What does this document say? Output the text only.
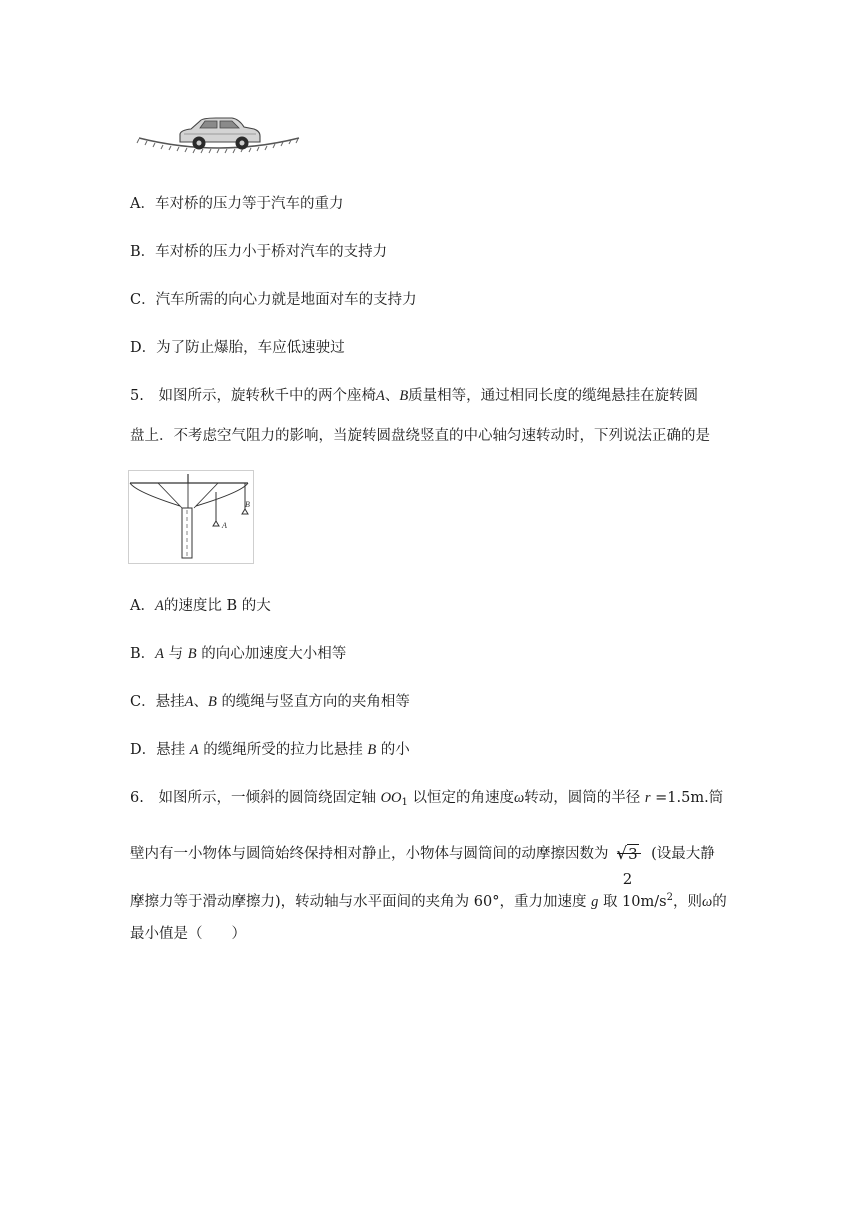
A．车对桥的压力等于汽车的重力
B．车对桥的压力小于桥对汽车的支持力
C．汽车所需的向心力就是地面对车的支持力
D．为了防止爆胎，车应低速驶过
5. 如图所示，旋转秋千中的两个座椅A、B质量相等，通过相同长度的缆绳悬挂在旋转圆
盘上．不考虑空气阻力的影响，当旋转圆盘绕竖直的中心轴匀速转动时，下列说法正确的是
A
B
A．A的速度比 B 的大
B．A 与 B 的向心加速度大小相等
C．悬挂A、B 的缆绳与竖直方向的夹角相等
D．悬挂 A 的缆绳所受的拉力比悬挂 B 的小
6. 如图所示，一倾斜的圆筒绕固定轴 $OO_1$ 以恒定的角速度ω转动，圆筒的半径 r =1.5m.筒
壁内有一小物体与圆筒始终保持相对静止，小物体与圆筒间的动摩擦因数为 √3
2
(设最大静
摩擦力等于滑动摩擦力)，转动轴与水平面间的夹角为 60°，重力加速度 g 取 $10m/s^2$，则ω的
最小值是（　　）
